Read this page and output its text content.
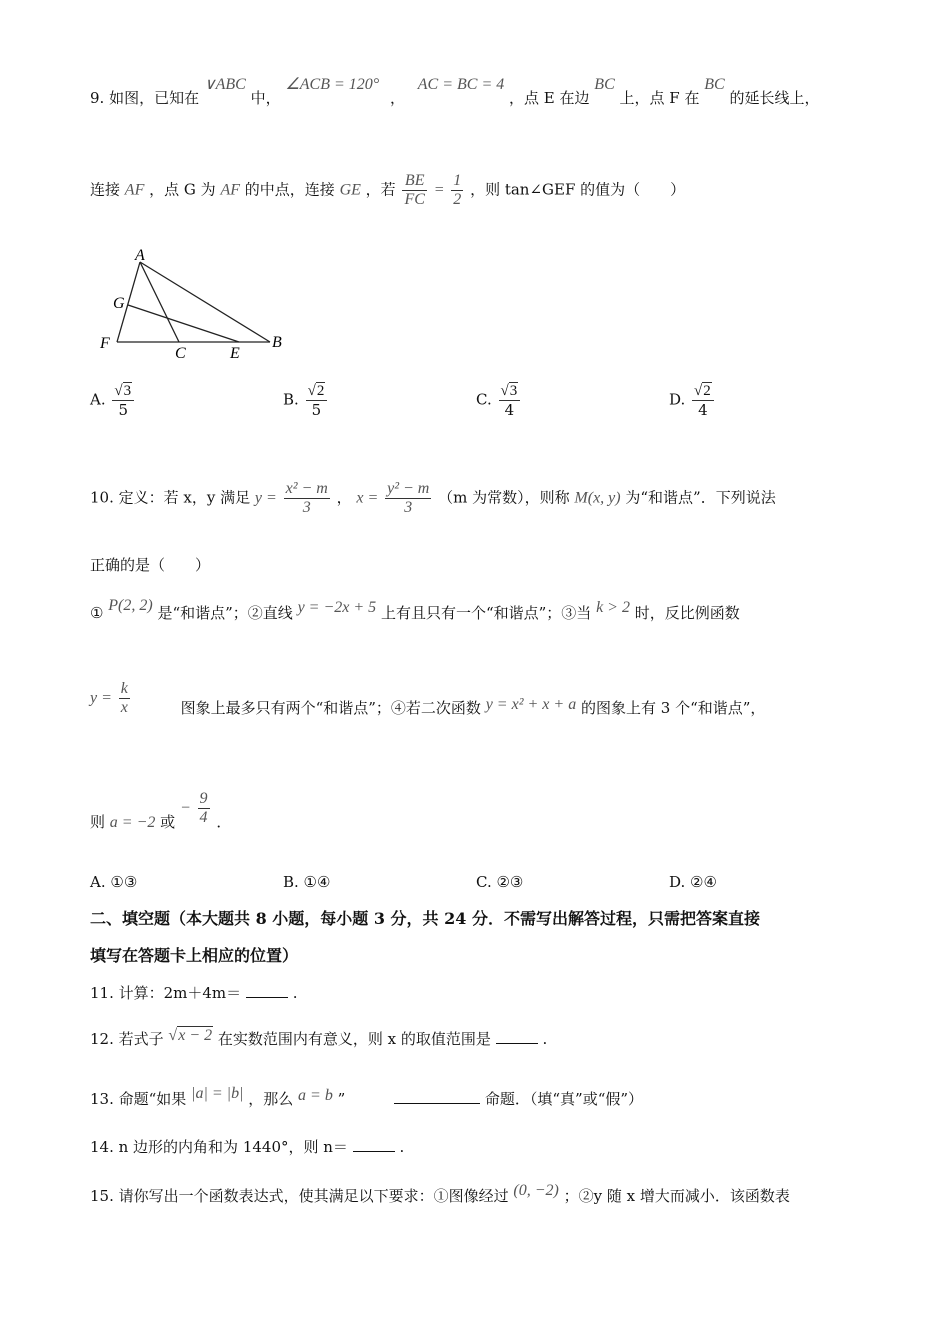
9. 如图，已知在 ∨ABC 中， ∠ACB = 120° ， AC = BC = 4 ，点 E 在边 BC 上，点 F 在 BC 的延长线上，
连接 AF ，点 G 为 AF 的中点，连接 GE ，若 $\frac{BE}{FC} = \frac{1}{2}$ ，则 tan∠GEF 的值为（　　）
A
G
F
C	E
B
A. $\frac{√3}{5}$	B. $\frac{√2}{5}$	C. $\frac{√3}{4}$	D. $\frac{√2}{4}$
10. 定义：若 x，y 满足 $y = \frac{\text{x² − m}}{3}$ ， $x = \frac{\text{y² − m}}{3} (m$ 为常数），则称 M(x, y) 为“和谐点”．下列说法
正确的是（　　）
① P(2, 2) 是“和谐点”；②直线 y = −2x + 5 上有且只有一个“和谐点”；③当 k > 2 时，反比例函数
$y = \frac{k}{x}$	图象上最多只有两个“和谐点”；④若二次函数 y = x² + x + a 的图象上有 3 个“和谐点”，
则 a = −2 或 − $\frac{9}{4}$ ．
A. ①③	B. ①④	C. ②③	D. ②④
二、填空题（本大题共 8 小题，每小题 3 分，共 24 分．不需写出解答过程，只需把答案直接
填写在答题卡上相应的位置）
11. 计算：2m＋4m＝	.
12. 若式子 √x − 2 在实数范围内有意义，则 x 的取值范围是	.
13. 命题“如果 |a| = |b| ，那么 a = b ”	命题．（填“真”或“假”）
14. n 边形的内角和为 1440°，则 n＝	.
15. 请你写出一个函数表达式，使其满足以下要求：①图像经过 (0, −2) ；②y 随 x 增大而减小．该函数表
